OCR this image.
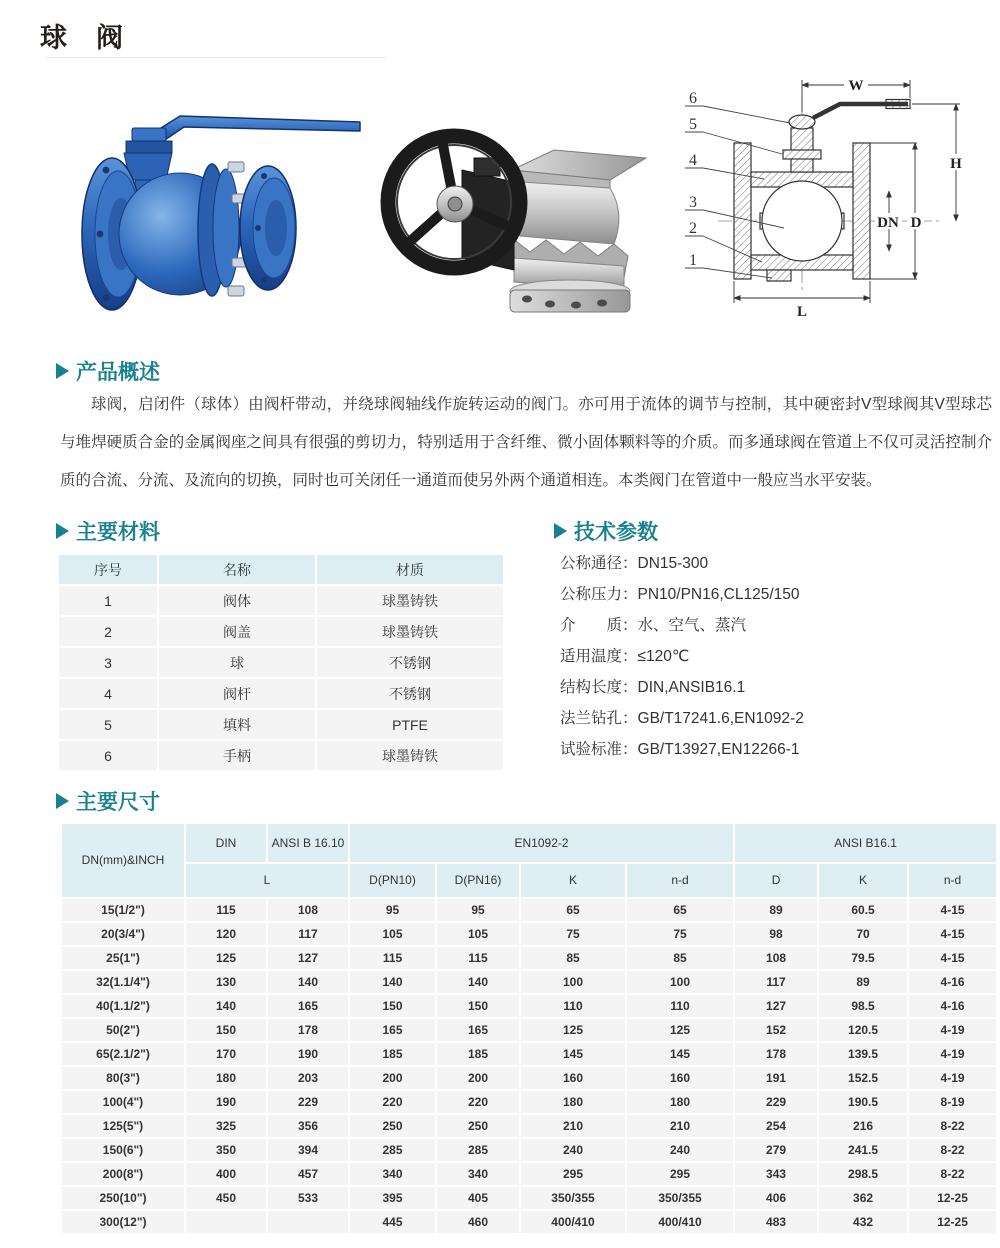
球　阀
6
5
4
3
2
1
W
H
DN D
L
产品概述

球阀，启闭件（球体）由阀杆带动，并绕球阀轴线作旋转运动的阀门。亦可用于流体的调节与控制，其中硬密封V型球阀其V型球芯与堆焊硬质合金的金属阀座之间具有很强的剪切力，特别适用于含纤维、微小固体颗料等的介质。而多通球阀在管道上不仅可灵活控制介质的合流、分流、及流向的切换，同时也可关闭任一通道而使另外两个通道相连。本类阀门在管道中一般应当水平安装。

主要材料
序号	名称	材质
1	阀体	球墨铸铁
2	阀盖	球墨铸铁
3	球	不锈钢
4	阀杆	不锈钢
5	填料	PTFE
6	手柄	球墨铸铁
技术参数
公称通径：DN15-300
公称压力：PN10/PN16,CL125/150
介　　质：水、空气、蒸汽
适用温度：≤120℃
结构长度：DIN,ANSIB16.1
法兰钻孔：GB/T17241.6,EN1092-2
试验标准：GB/T13927,EN12266-1
主要尺寸
DN(mm)&INCH	DIN	ANSI B 16.10	EN1092-2				ANSI B16.1		
	L		D(PN10)	D(PN16)	K	n-d	D	K	n-d
15(1/2")	115	108	95	95	65	65	89	60.5	4-15
20(3/4")	120	117	105	105	75	75	98	70	4-15
25(1")	125	127	115	115	85	85	108	79.5	4-15
32(1.1/4")	130	140	140	140	100	100	117	89	4-16
40(1.1/2")	140	165	150	150	110	110	127	98.5	4-16
50(2")	150	178	165	165	125	125	152	120.5	4-19
65(2.1/2")	170	190	185	185	145	145	178	139.5	4-19
80(3")	180	203	200	200	160	160	191	152.5	4-19
100(4")	190	229	220	220	180	180	229	190.5	8-19
125(5")	325	356	250	250	210	210	254	216	8-22
150(6")	350	394	285	285	240	240	279	241.5	8-22
200(8")	400	457	340	340	295	295	343	298.5	8-22
250(10")	450	533	395	405	350/355	350/355	406	362	12-25
300(12")			445	460	400/410	400/410	483	432	12-25
